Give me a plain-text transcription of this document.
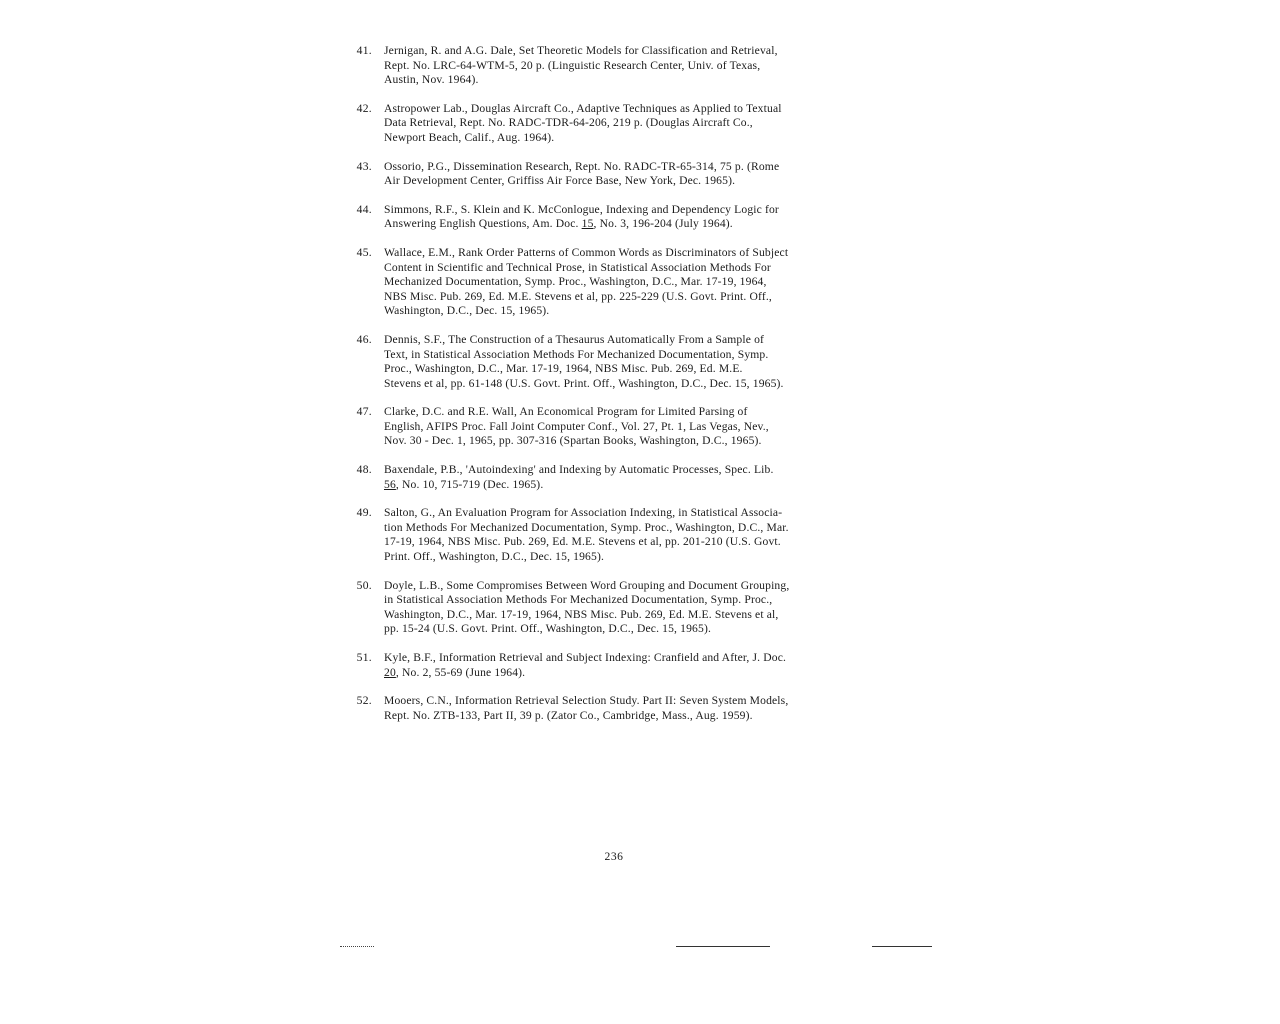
41.	Jernigan, R. and A.G. Dale, Set Theoretic Models for Classification and Retrieval,
Rept. No. LRC-64-WTM-5, 20 p. (Linguistic Research Center, Univ. of Texas,
Austin, Nov. 1964).
42.	Astropower Lab., Douglas Aircraft Co., Adaptive Techniques as Applied to Textual
Data Retrieval, Rept. No. RADC-TDR-64-206, 219 p. (Douglas Aircraft Co.,
Newport Beach, Calif., Aug. 1964).
43.	Ossorio, P.G., Dissemination Research, Rept. No. RADC-TR-65-314, 75 p. (Rome
Air Development Center, Griffiss Air Force Base, New York, Dec. 1965).
44.	Simmons, R.F., S. Klein and K. McConlogue, Indexing and Dependency Logic for
Answering English Questions, Am. Doc. 15, No. 3, 196-204 (July 1964).
45.	Wallace, E.M., Rank Order Patterns of Common Words as Discriminators of Subject
Content in Scientific and Technical Prose, in Statistical Association Methods For
Mechanized Documentation, Symp. Proc., Washington, D.C., Mar. 17-19, 1964,
NBS Misc. Pub. 269, Ed. M.E. Stevens et al, pp. 225-229 (U.S. Govt. Print. Off.,
Washington, D.C., Dec. 15, 1965).
46.	Dennis, S.F., The Construction of a Thesaurus Automatically From a Sample of
Text, in Statistical Association Methods For Mechanized Documentation, Symp.
Proc., Washington, D.C., Mar. 17-19, 1964, NBS Misc. Pub. 269, Ed. M.E.
Stevens et al, pp. 61-148 (U.S. Govt. Print. Off., Washington, D.C., Dec. 15, 1965).
47.	Clarke, D.C. and R.E. Wall, An Economical Program for Limited Parsing of
English, AFIPS Proc. Fall Joint Computer Conf., Vol. 27, Pt. 1, Las Vegas, Nev.,
Nov. 30 - Dec. 1, 1965, pp. 307-316 (Spartan Books, Washington, D.C., 1965).
48.	Baxendale, P.B., 'Autoindexing' and Indexing by Automatic Processes, Spec. Lib.
56, No. 10, 715-719 (Dec. 1965).
49.	Salton, G., An Evaluation Program for Association Indexing, in Statistical Associa-
tion Methods For Mechanized Documentation, Symp. Proc., Washington, D.C., Mar.
17-19, 1964, NBS Misc. Pub. 269, Ed. M.E. Stevens et al, pp. 201-210 (U.S. Govt.
Print. Off., Washington, D.C., Dec. 15, 1965).
50.	Doyle, L.B., Some Compromises Between Word Grouping and Document Grouping,
in Statistical Association Methods For Mechanized Documentation, Symp. Proc.,
Washington, D.C., Mar. 17-19, 1964, NBS Misc. Pub. 269, Ed. M.E. Stevens et al,
pp. 15-24 (U.S. Govt. Print. Off., Washington, D.C., Dec. 15, 1965).
51.	Kyle, B.F., Information Retrieval and Subject Indexing: Cranfield and After, J. Doc.
20, No. 2, 55-69 (June 1964).
52.	Mooers, C.N., Information Retrieval Selection Study. Part II: Seven System Models,
Rept. No. ZTB-133, Part II, 39 p. (Zator Co., Cambridge, Mass., Aug. 1959).
236
